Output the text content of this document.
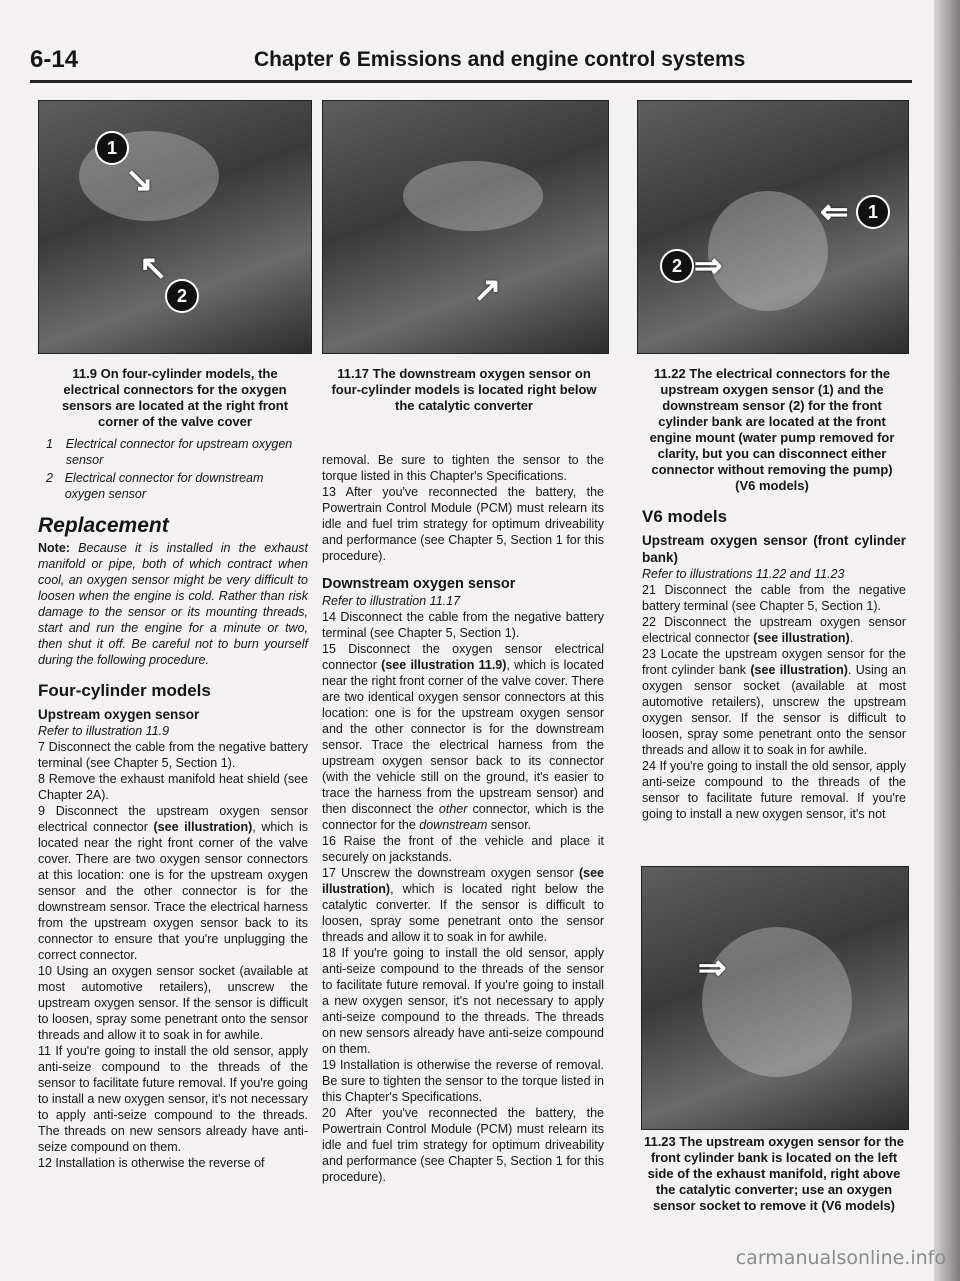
6-14	Chapter 6 Emissions and engine control systems
1
2
↘
↖
11.9 On four-cylinder models, the electrical connectors for the oxygen sensors are located at the right front corner of the valve cover
1	Electrical connector for upstream oxygen sensor
2 Electrical connector for downstream oxygen sensor
↗
11.17 The downstream oxygen sensor on four-cylinder models is located right below the catalytic converter
1
2
⇐
⇒
11.22 The electrical connectors for the upstream oxygen sensor (1) and the downstream sensor (2) for the front cylinder bank are located at the front engine mount (water pump removed for clarity, but you can disconnect either connector without removing the pump) (V6 models)
⇒
11.23 The upstream oxygen sensor for the front cylinder bank is located on the left side of the exhaust manifold, right above the catalytic converter; use an oxygen sensor socket to remove it (V6 models)
Replacement

Note: Because it is installed in the exhaust manifold or pipe, both of which contract when cool, an oxygen sensor might be very difficult to loosen when the engine is cold. Rather than risk damage to the sensor or its mounting threads, start and run the engine for a minute or two, then shut it off. Be careful not to burn yourself during the following procedure.

Four-cylinder models
Upstream oxygen sensor

Refer to illustration 11.9

7 Disconnect the cable from the negative battery terminal (see Chapter 5, Section 1).

8 Remove the exhaust manifold heat shield (see Chapter 2A).

9 Disconnect the upstream oxygen sensor electrical connector (see illustration), which is located near the right front corner of the valve cover. There are two oxygen sensor connectors at this location: one is for the upstream oxygen sensor and the other connector is for the downstream sensor. Trace the electrical harness from the upstream oxygen sensor back to its connector to ensure that you're unplugging the correct connector.

10 Using an oxygen sensor socket (available at most automotive retailers), unscrew the upstream oxygen sensor. If the sensor is difficult to loosen, spray some penetrant onto the sensor threads and allow it to soak in for awhile.

11 If you're going to install the old sensor, apply anti-seize compound to the threads of the sensor to facilitate future removal. If you're going to install a new oxygen sensor, it's not necessary to apply anti-seize compound to the threads. The threads on new sensors already have anti-seize compound on them.

12 Installation is otherwise the reverse of

removal. Be sure to tighten the sensor to the torque listed in this Chapter's Specifications.

13 After you've reconnected the battery, the Powertrain Control Module (PCM) must relearn its idle and fuel trim strategy for optimum driveability and performance (see Chapter 5, Section 1 for this procedure).

Downstream oxygen sensor

Refer to illustration 11.17

14 Disconnect the cable from the negative battery terminal (see Chapter 5, Section 1).

15 Disconnect the oxygen sensor electrical connector (see illustration 11.9), which is located near the right front corner of the valve cover. There are two identical oxygen sensor connectors at this location: one is for the upstream oxygen sensor and the other connector is for the downstream sensor. Trace the electrical harness from the upstream oxygen sensor back to its connector (with the vehicle still on the ground, it's easier to trace the harness from the upstream sensor) and then disconnect the other connector, which is the connector for the downstream sensor.

16 Raise the front of the vehicle and place it securely on jackstands.

17 Unscrew the downstream oxygen sensor (see illustration), which is located right below the catalytic converter. If the sensor is difficult to loosen, spray some penetrant onto the sensor threads and allow it to soak in for awhile.

18 If you're going to install the old sensor, apply anti-seize compound to the threads of the sensor to facilitate future removal. If you're going to install a new oxygen sensor, it's not necessary to apply anti-seize compound to the threads. The threads on new sensors already have anti-seize compound on them.

19 Installation is otherwise the reverse of removal. Be sure to tighten the sensor to the torque listed in this Chapter's Specifications.

20 After you've reconnected the battery, the Powertrain Control Module (PCM) must relearn its idle and fuel trim strategy for optimum driveability and performance (see Chapter 5, Section 1 for this procedure).

V6 models
Upstream oxygen sensor (front cylinder bank)

Refer to illustrations 11.22 and 11.23

21 Disconnect the cable from the negative battery terminal (see Chapter 5, Section 1).

22 Disconnect the upstream oxygen sensor electrical connector (see illustration).

23 Locate the upstream oxygen sensor for the front cylinder bank (see illustration). Using an oxygen sensor socket (available at most automotive retailers), unscrew the upstream oxygen sensor. If the sensor is difficult to loosen, spray some penetrant onto the sensor threads and allow it to soak in for awhile.

24 If you're going to install the old sensor, apply anti-seize compound to the threads of the sensor to facilitate future removal. If you're going to install a new oxygen sensor, it's not

carmanualsonline.info
